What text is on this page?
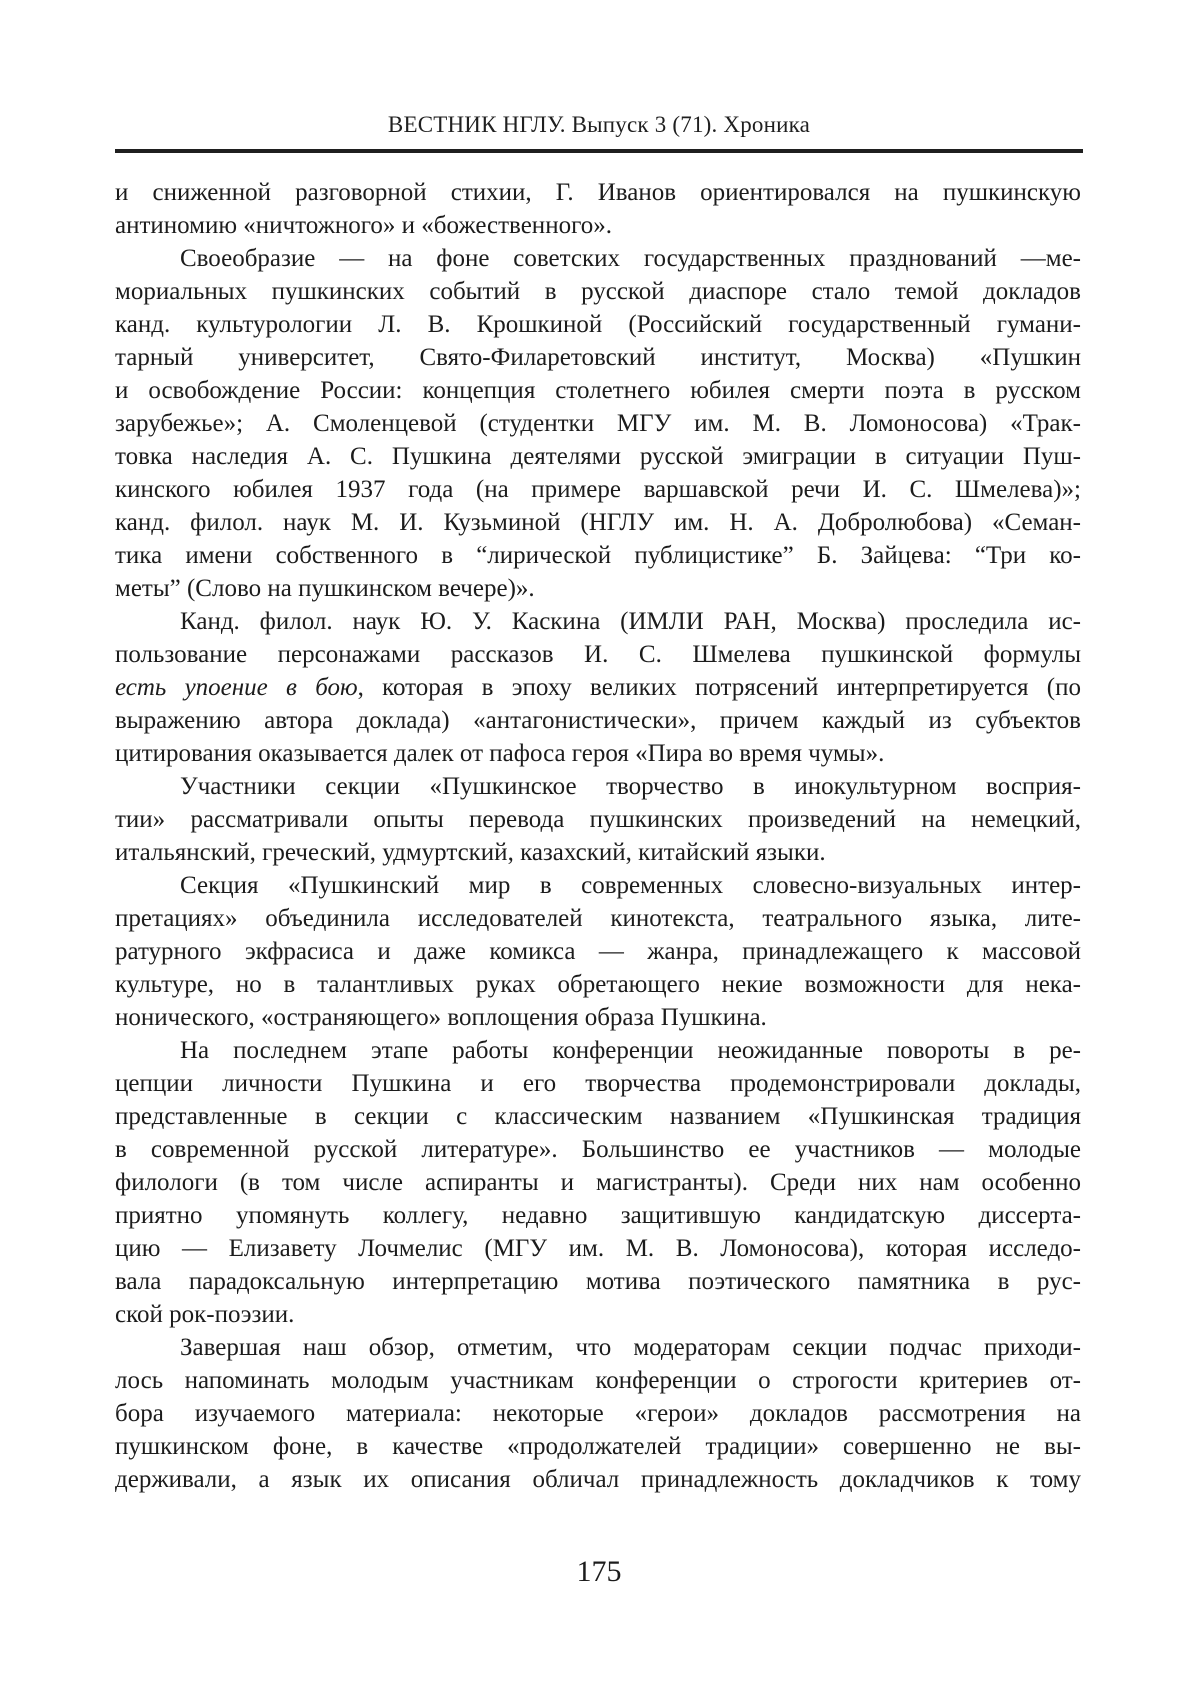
ВЕСТНИК НГЛУ. Выпуск 3 (71). Хроника
и сниженной разговорной стихии, Г. Иванов ориентировался на пушкинскую
антиномию «ничтожного» и «божественного».
Своеобразие — на фоне советских государственных празднований —ме-
мориальных пушкинских событий в русской диаспоре стало темой докладов
канд. культурологии Л. В. Крошкиной (Российский государственный гумани-
тарный университет, Свято-Филаретовский институт, Москва) «Пушкин
и освобождение России: концепция столетнего юбилея смерти поэта в русском
зарубежье»; А. Смоленцевой (студентки МГУ им. М. В. Ломоносова) «Трак-
товка наследия А. С. Пушкина деятелями русской эмиграции в ситуации Пуш-
кинского юбилея 1937 года (на примере варшавской речи И. С. Шмелева)»;
канд. филол. наук М. И. Кузьминой (НГЛУ им. Н. А. Добролюбова) «Семан-
тика имени собственного в “лирической публицистике” Б. Зайцева: “Три ко-
меты” (Слово на пушкинском вечере)».
Канд. филол. наук Ю. У. Каскина (ИМЛИ РАН, Москва) проследила ис-
пользование персонажами рассказов И. С. Шмелева пушкинской формулы
есть упоение в бою, которая в эпоху великих потрясений интерпретируется (по
выражению автора доклада) «антагонистически», причем каждый из субъектов
цитирования оказывается далек от пафоса героя «Пира во время чумы».
Участники секции «Пушкинское творчество в инокультурном восприя-
тии» рассматривали опыты перевода пушкинских произведений на немецкий,
итальянский, греческий, удмуртский, казахский, китайский языки.
Секция «Пушкинский мир в современных словесно-визуальных интер-
претациях» объединила исследователей кинотекста, театрального языка, лите-
ратурного экфрасиса и даже комикса — жанра, принадлежащего к массовой
культуре, но в талантливых руках обретающего некие возможности для нека-
нонического, «остраняющего» воплощения образа Пушкина.
На последнем этапе работы конференции неожиданные повороты в ре-
цепции личности Пушкина и его творчества продемонстрировали доклады,
представленные в секции с классическим названием «Пушкинская традиция
в современной русской литературе». Большинство ее участников — молодые
филологи (в том числе аспиранты и магистранты). Среди них нам особенно
приятно упомянуть коллегу, недавно защитившую кандидатскую диссерта-
цию — Елизавету Лочмелис (МГУ им. М. В. Ломоносова), которая исследо-
вала парадоксальную интерпретацию мотива поэтического памятника в рус-
ской рок-поэзии.
Завершая наш обзор, отметим, что модераторам секции подчас приходи-
лось напоминать молодым участникам конференции о строгости критериев от-
бора изучаемого материала: некоторые «герои» докладов рассмотрения на
пушкинском фоне, в качестве «продолжателей традиции» совершенно не вы-
держивали, а язык их описания обличал принадлежность докладчиков к тому
175
